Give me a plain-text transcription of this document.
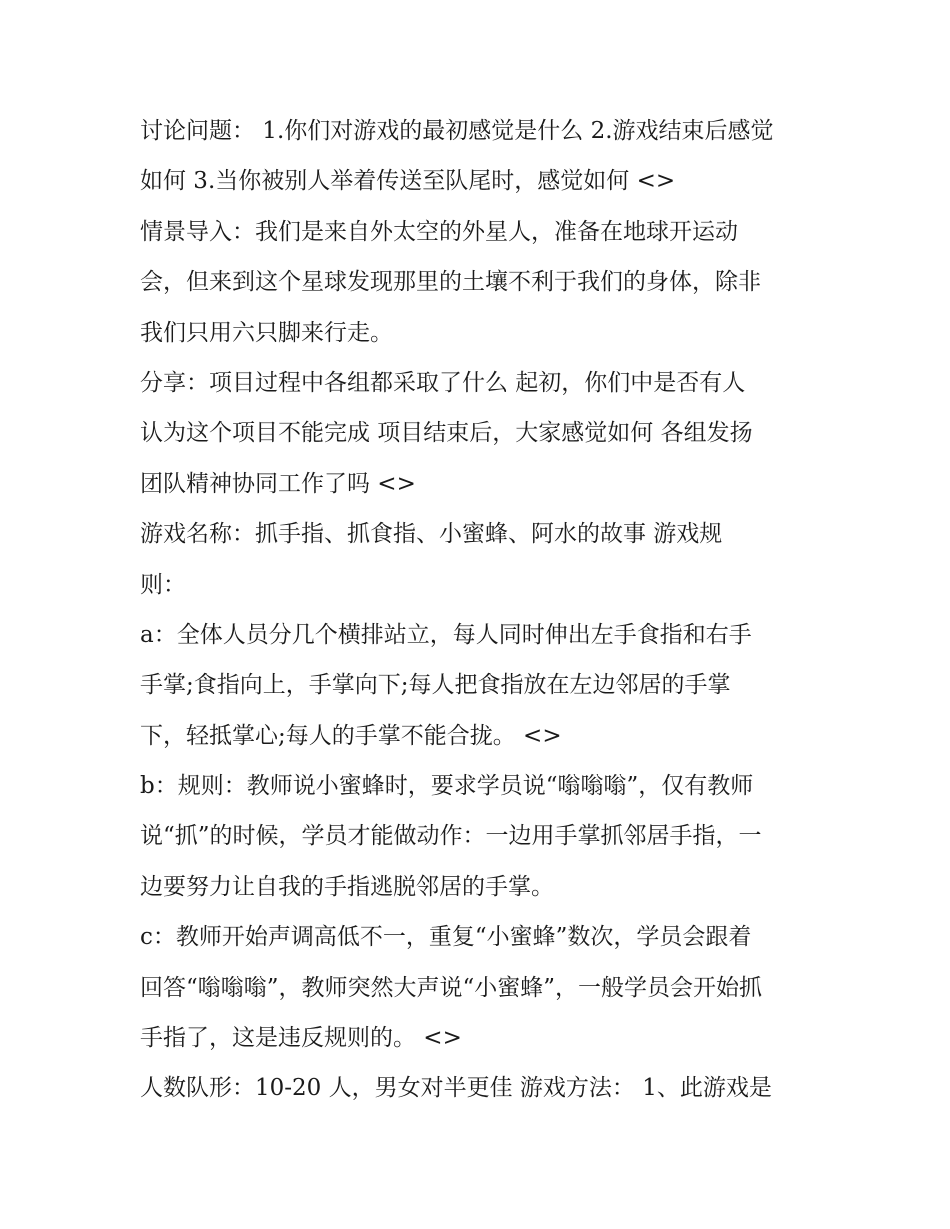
讨论问题： 1.你们对游戏的最初感觉是什么 2.游戏结束后感觉
如何 3.当你被别人举着传送至队尾时，感觉如何 <>
情景导入：我们是来自外太空的外星人，准备在地球开运动
会，但来到这个星球发现那里的土壤不利于我们的身体，除非
我们只用六只脚来行走。
分享：项目过程中各组都采取了什么 起初，你们中是否有人
认为这个项目不能完成 项目结束后，大家感觉如何 各组发扬
团队精神协同工作了吗 <>
游戏名称：抓手指、抓食指、小蜜蜂、阿水的故事 游戏规
则：
a：全体人员分几个横排站立，每人同时伸出左手食指和右手
手掌;食指向上，手掌向下;每人把食指放在左边邻居的手掌
下，轻抵掌心;每人的手掌不能合拢。 <>
b：规则：教师说小蜜蜂时，要求学员说“嗡嗡嗡”，仅有教师
说“抓”的时候，学员才能做动作：一边用手掌抓邻居手指，一
边要努力让自我的手指逃脱邻居的手掌。
c：教师开始声调高低不一，重复“小蜜蜂”数次，学员会跟着
回答“嗡嗡嗡”，教师突然大声说“小蜜蜂”，一般学员会开始抓
手指了，这是违反规则的。 <>
人数队形：10-20 人，男女对半更佳 游戏方法： 1、此游戏是
